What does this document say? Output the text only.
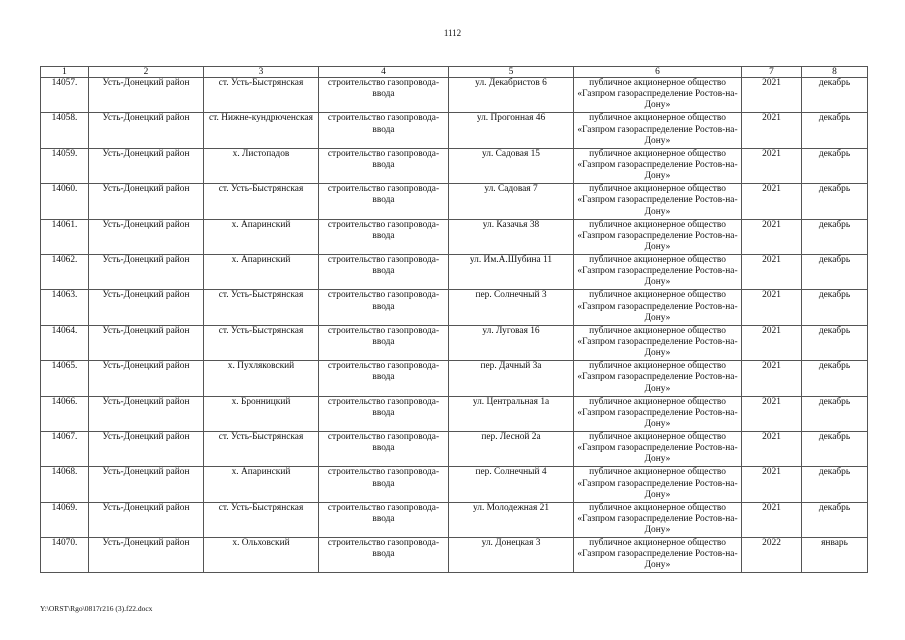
1112
1	2	3	4	5	6	7	8
14057.	Усть-Донецкий район	ст. Усть-Быстрянская	строительство газопровода-ввода	ул. Декабристов 6	публичное акционерное общество «Газпром газораспределение Ростов-на-Дону»	2021	декабрь
14058.	Усть-Донецкий район	ст. Нижне-кундрюченская	строительство газопровода-ввода	ул. Прогонная 46	публичное акционерное общество «Газпром газораспределение Ростов-на-Дону»	2021	декабрь
14059.	Усть-Донецкий район	х. Листопадов	строительство газопровода-ввода	ул. Садовая 15	публичное акционерное общество «Газпром газораспределение Ростов-на-Дону»	2021	декабрь
14060.	Усть-Донецкий район	ст. Усть-Быстрянская	строительство газопровода-ввода	ул. Садовая 7	публичное акционерное общество «Газпром газораспределение Ростов-на-Дону»	2021	декабрь
14061.	Усть-Донецкий район	х. Апаринский	строительство газопровода-ввода	ул. Казачья 38	публичное акционерное общество «Газпром газораспределение Ростов-на-Дону»	2021	декабрь
14062.	Усть-Донецкий район	х. Апаринский	строительство газопровода-ввода	ул. Им.А.Шубина 11	публичное акционерное общество «Газпром газораспределение Ростов-на-Дону»	2021	декабрь
14063.	Усть-Донецкий район	ст. Усть-Быстрянская	строительство газопровода-ввода	пер. Солнечный 3	публичное акционерное общество «Газпром газораспределение Ростов-на-Дону»	2021	декабрь
14064.	Усть-Донецкий район	ст. Усть-Быстрянская	строительство газопровода-ввода	ул. Луговая 16	публичное акционерное общество «Газпром газораспределение Ростов-на-Дону»	2021	декабрь
14065.	Усть-Донецкий район	х. Пухляковский	строительство газопровода-ввода	пер. Дачный 3а	публичное акционерное общество «Газпром газораспределение Ростов-на-Дону»	2021	декабрь
14066.	Усть-Донецкий район	х. Бронницкий	строительство газопровода-ввода	ул. Центральная 1а	публичное акционерное общество «Газпром газораспределение Ростов-на-Дону»	2021	декабрь
14067.	Усть-Донецкий район	ст. Усть-Быстрянская	строительство газопровода-ввода	пер. Лесной 2а	публичное акционерное общество «Газпром газораспределение Ростов-на-Дону»	2021	декабрь
14068.	Усть-Донецкий район	х. Апаринский	строительство газопровода-ввода	пер. Солнечный 4	публичное акционерное общество «Газпром газораспределение Ростов-на-Дону»	2021	декабрь
14069.	Усть-Донецкий район	ст. Усть-Быстрянская	строительство газопровода-ввода	ул. Молодежная 21	публичное акционерное общество «Газпром газораспределение Ростов-на-Дону»	2021	декабрь
14070.	Усть-Донецкий район	х. Ольховский	строительство газопровода-ввода	ул. Донецкая 3	публичное акционерное общество «Газпром газораспределение Ростов-на-Дону»	2022	январь
Y:\ORST\Rgo\0817r216 (3).f22.docx
